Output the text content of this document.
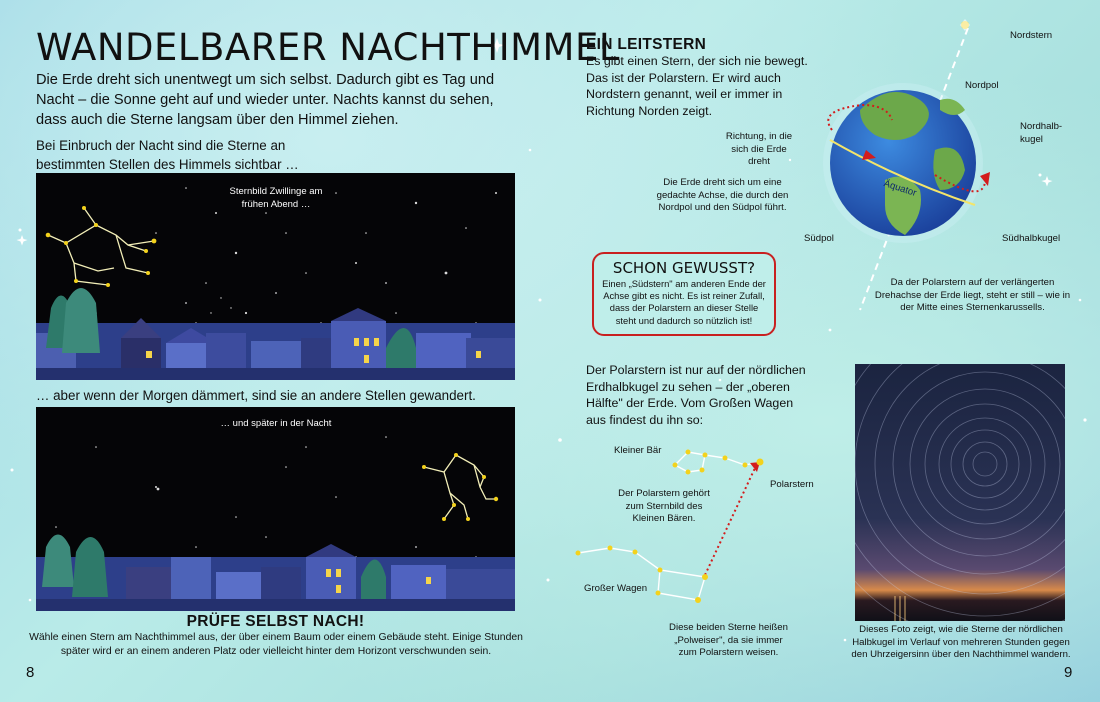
WANDELBARER NACHTHIMMEL
Die Erde dreht sich unentwegt um sich selbst. Dadurch gibt es Tag und Nacht – die Sonne geht auf und wieder unter. Nachts kannst du sehen, dass auch die Sterne langsam über den Himmel ziehen.
Bei Einbruch der Nacht sind die Sterne an bestimmten Stellen des Himmels sichtbar …
Sternbild Zwillinge am frühen Abend …
… aber wenn der Morgen dämmert, sind sie an andere Stellen gewandert.
… und später in der Nacht
PRÜFE SELBST NACH!
Wähle einen Stern am Nachthimmel aus, der über einem Baum oder einem Gebäude steht. Einige Stunden später wird er an einem anderen Platz oder vielleicht hinter dem Horizont verschwunden sein.
8
EIN LEITSTERN
Es gibt einen Stern, der sich nie bewegt. Das ist der Polarstern. Er wird auch Nordstern genannt, weil er immer in Richtung Norden zeigt.
Nordstern
Nordpol
Nordhalb-kugel
Richtung, in die sich die Erde dreht
Die Erde dreht sich um eine gedachte Achse, die durch den Nordpol und den Südpol führt.
Äquator
Südpol	Südhalbkugel
Da der Polarstern auf der verlängerten Drehachse der Erde liegt, steht er still – wie in der Mitte eines Sternenkarussells.
SCHON GEWUSST?
Einen „Südstern" am anderen Ende der Achse gibt es nicht. Es ist reiner Zufall, dass der Polarstern an dieser Stelle steht und dadurch so nützlich ist!
Der Polarstern ist nur auf der nördlichen Erdhalbkugel zu sehen – der „oberen Hälfte" der Erde. Vom Großen Wagen aus findest du ihn so:
Kleiner Bär
Polarstern
Der Polarstern gehört zum Sternbild des Kleinen Bären.
Großer Wagen
Diese beiden Sterne heißen „Polweiser", da sie immer zum Polarstern weisen.
Dieses Foto zeigt, wie die Sterne der nördlichen Halbkugel im Verlauf von mehreren Stunden gegen den Uhrzeigersinn über den Nachthimmel wandern.
9
